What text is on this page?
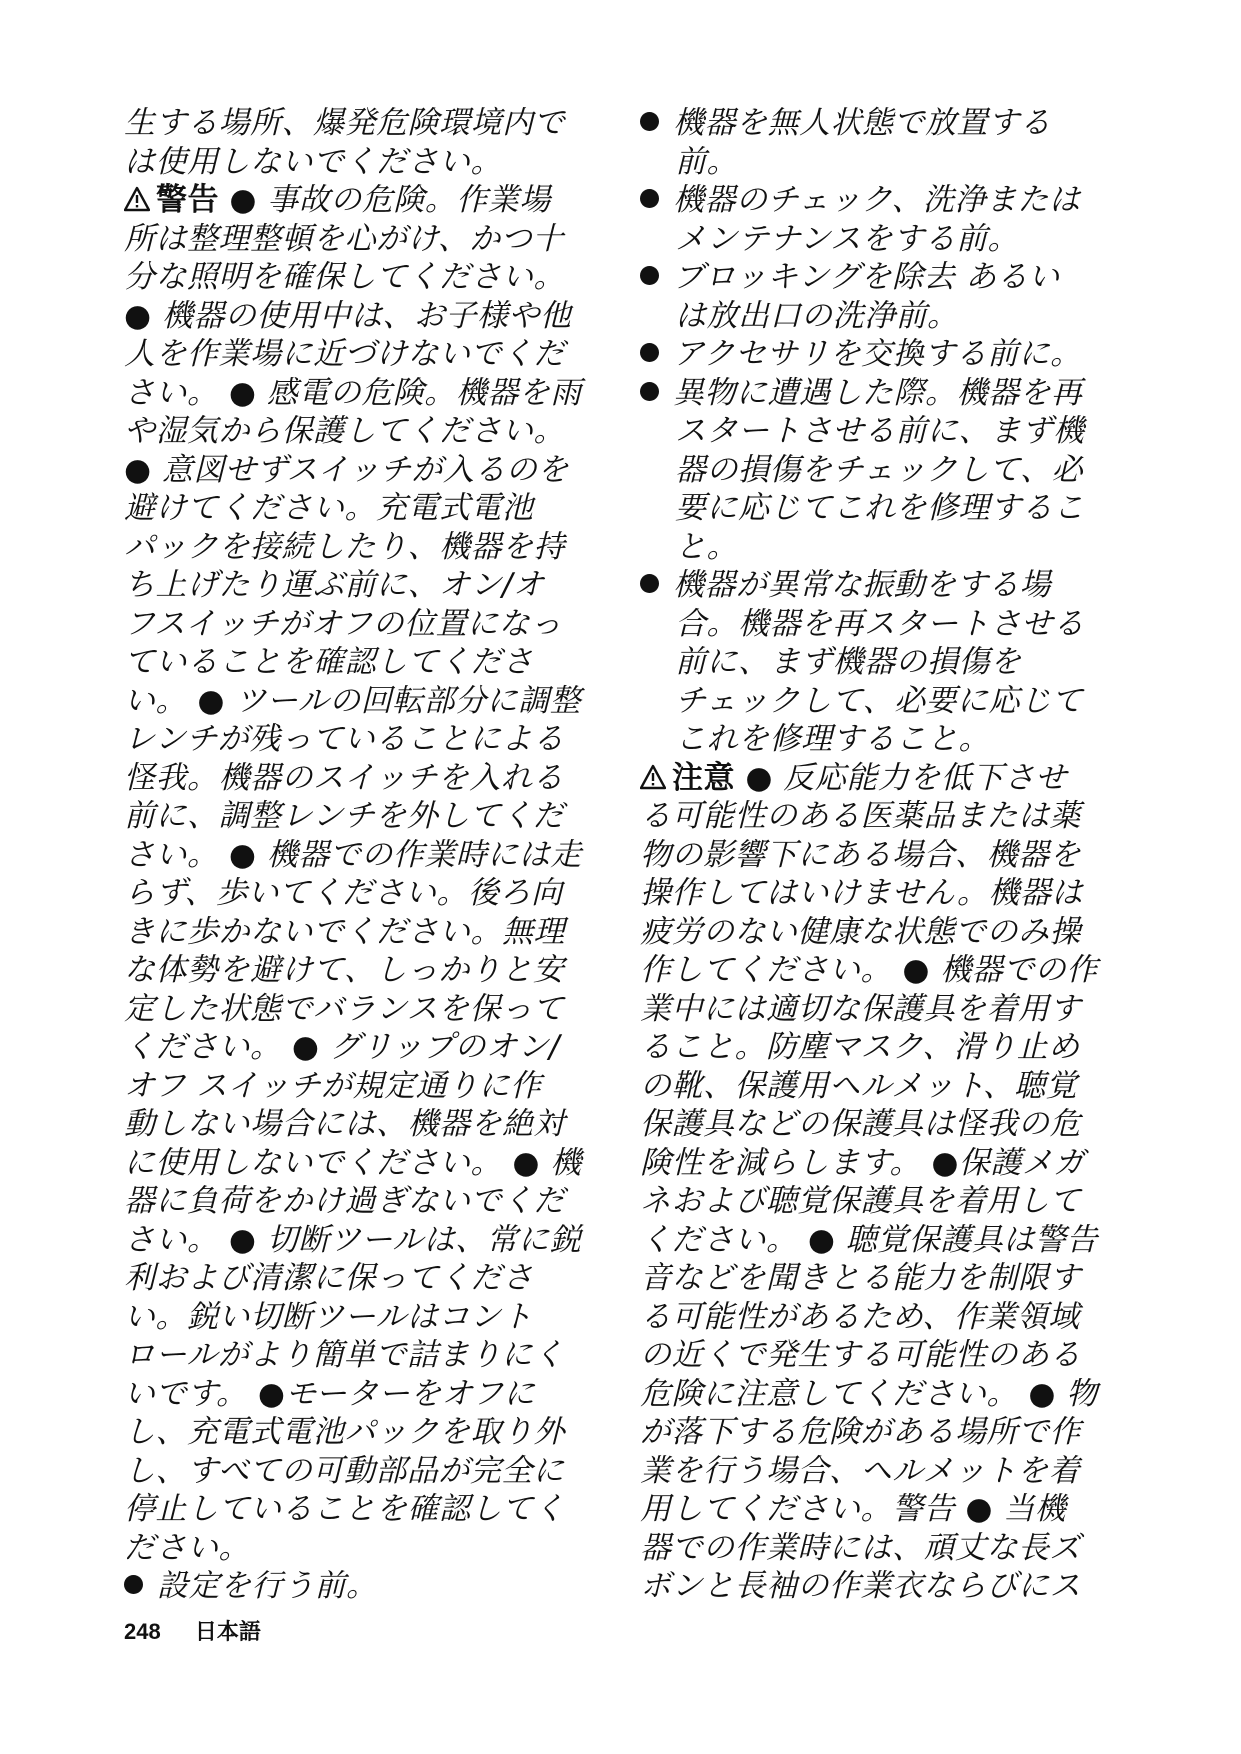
生する場所、爆発危険環境内で
は使用しないでください。
警告 ● 事故の危険。作業場
所は整理整頓を心がけ、かつ十
分な照明を確保してください。
● 機器の使用中は、お子様や他
人を作業場に近づけないでくだ
さい。 ● 感電の危険。機器を雨
や湿気から保護してください。
● 意図せずスイッチが入るのを
避けてください。充電式電池
パックを接続したり、機器を持
ち上げたり運ぶ前に、オン/オ
フスイッチがオフの位置になっ
ていることを確認してくださ
い。 ● ツールの回転部分に調整
レンチが残っていることによる
怪我。機器のスイッチを入れる
前に、調整レンチを外してくだ
さい。 ● 機器での作業時には走
らず、歩いてください。後ろ向
きに歩かないでください。無理
な体勢を避けて、しっかりと安
定した状態でバランスを保って
ください。 ● グリップのオン/
オフ スイッチが規定通りに作
動しない場合には、機器を絶対
に使用しないでください。 ● 機
器に負荷をかけ過ぎないでくだ
さい。 ● 切断ツールは、常に鋭
利および清潔に保ってくださ
い。鋭い切断ツールはコント
ロールがより簡単で詰まりにく
いです。 ●モーターをオフに
し、充電式電池パックを取り外
し、すべての可動部品が完全に
停止していることを確認してく
ださい。
設定を行う前。
機器を無人状態で放置する
前。
機器のチェック、洗浄または
メンテナンスをする前。
ブロッキングを除去 あるい
は放出口の洗浄前。
アクセサリを交換する前に。
異物に遭遇した際。機器を再
スタートさせる前に、まず機
器の損傷をチェックして、必
要に応じてこれを修理するこ
と。
機器が異常な振動をする場
合。機器を再スタートさせる
前に、まず機器の損傷を
チェックして、必要に応じて
これを修理すること。
注意 ● 反応能力を低下させ
る可能性のある医薬品または薬
物の影響下にある場合、機器を
操作してはいけません。機器は
疲労のない健康な状態でのみ操
作してください。 ● 機器での作
業中には適切な保護具を着用す
ること。防塵マスク、滑り止め
の靴、保護用ヘルメット、聴覚
保護具などの保護具は怪我の危
険性を減らします。 ●保護メガ
ネおよび聴覚保護具を着用して
ください。 ● 聴覚保護具は警告
音などを聞きとる能力を制限す
る可能性があるため、作業領域
の近くで発生する可能性のある
危険に注意してください。 ● 物
が落下する危険がある場所で作
業を行う場合、ヘルメットを着
用してください。警告 ● 当機
器での作業時には、頑丈な長ズ
ボンと長袖の作業衣ならびにス
248 日本語
